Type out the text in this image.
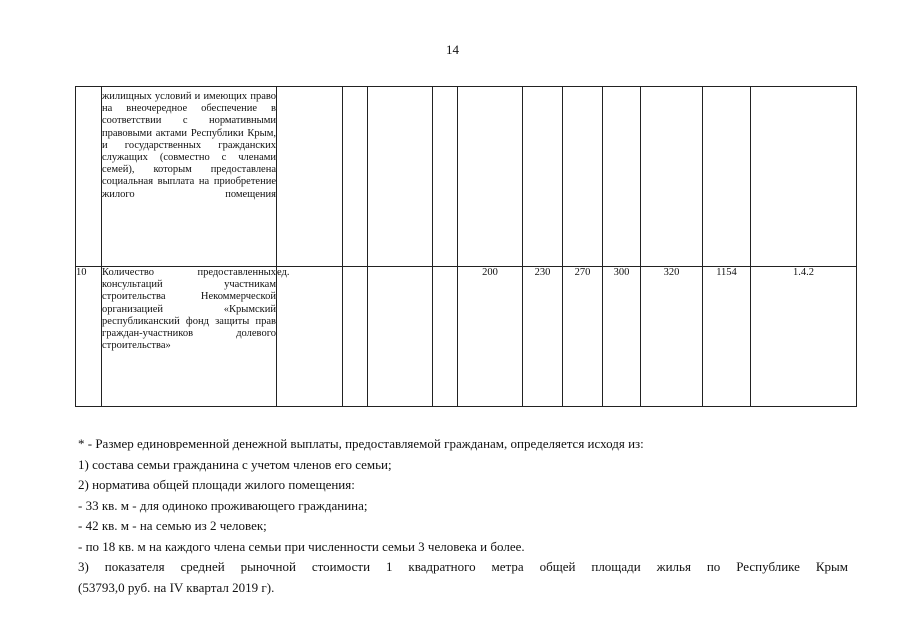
14

	жилищных условий и имеющих право на внеочередное обеспечение в соответствии с нормативными правовыми актами Республики Крым, и государственных гражданских служащих (совместно с членами семей), которым предоставлена социальная выплата на приобретение жилого помещения											

10	Количество предоставленных консультаций участникам строительства Некоммерческой организацией «Крымский республиканский фонд защиты прав граждан-участников долевого строительства»	ед.				200	230	270	300	320	1154	1.4.2

* - Размер единовременной денежной выплаты, предоставляемой гражданам, определяется исходя из:

1) состава семьи гражданина с учетом членов его семьи;

2) норматива общей площади жилого помещения:

- 33 кв. м - для одиноко проживающего гражданина;

- 42 кв. м - на семью из 2 человек;

- по 18 кв. м на каждого члена семьи при численности семьи 3 человека и более.

3) показателя средней рыночной стоимости 1 квадратного метра общей площади жилья по Республике Крым

(53793,0 руб. на IV квартал 2019 г).
